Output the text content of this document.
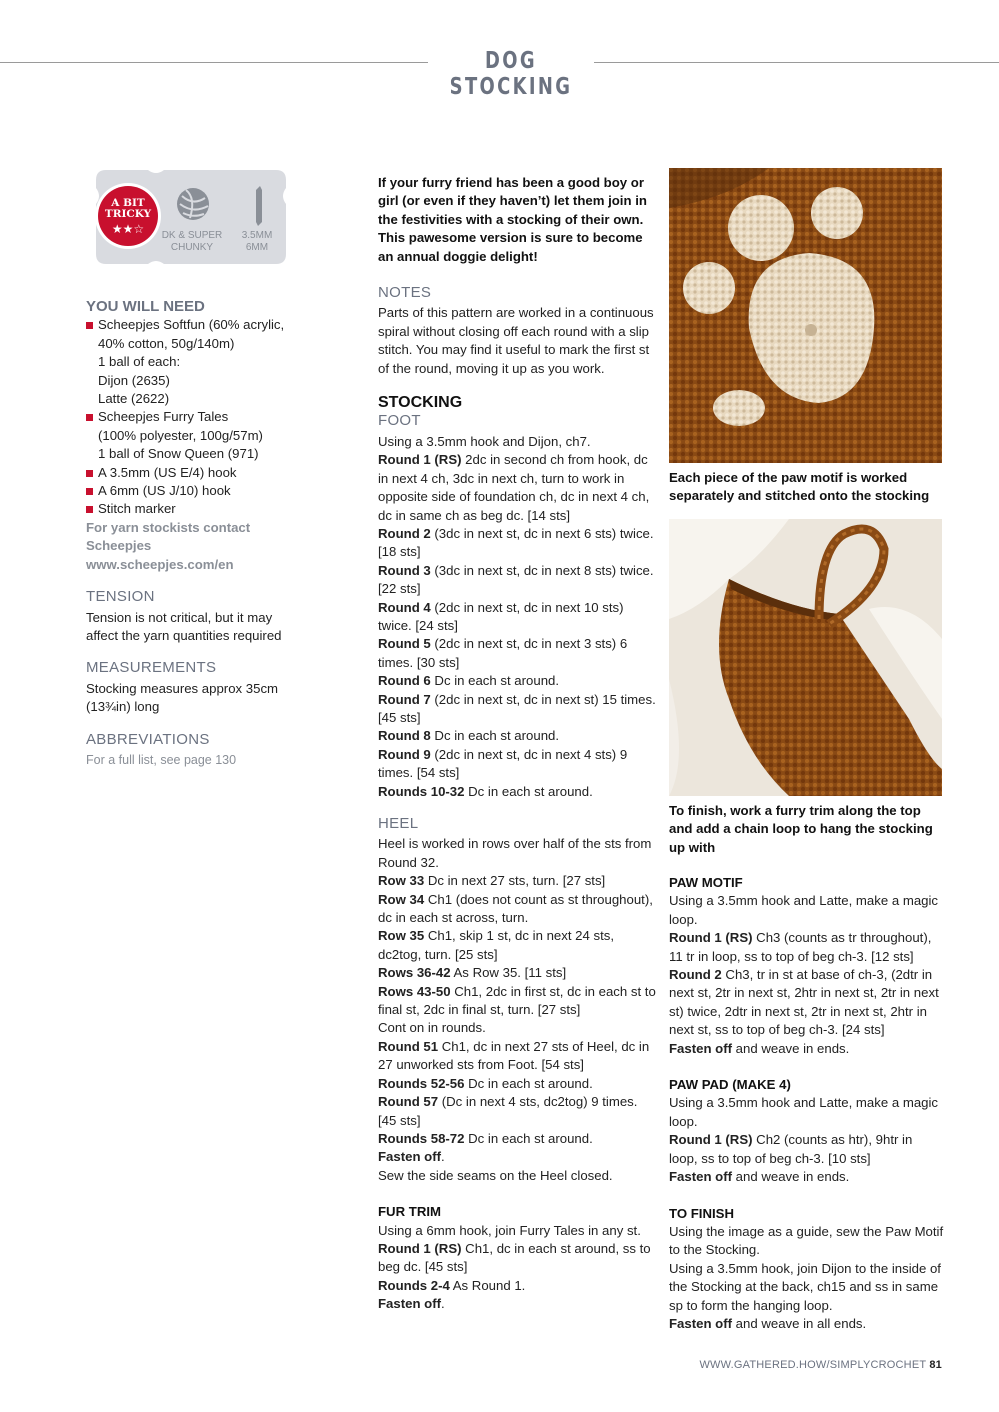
DOG STOCKING
A BIT TRICKY
★★☆	DK & SUPER
CHUNKY
3.5MM
6MM
YOU WILL NEED
Scheepjes Softfun (60% acrylic,
40% cotton, 50g/140m)
1 ball of each:
Dijon (2635)
Latte (2622)
Scheepjes Furry Tales
(100% polyester, 100g/57m)
1 ball of Snow Queen (971)
A 3.5mm (US E/4) hook
A 6mm (US J/10) hook
Stitch marker
For yarn stockists contact
Scheepjes
www.scheepjes.com/en
TENSION
Tension is not critical, but it may affect the yarn quantities required
MEASUREMENTS
Stocking measures approx 35cm (13¾in) long
ABBREVIATIONS
For a full list, see page 130
If your furry friend has been a good boy or girl (or even if they haven’t) let them join in the festivities with a stocking of their own. This pawesome version is sure to become an annual doggie delight!
NOTES
Parts of this pattern are worked in a continuous spiral without closing off each round with a slip stitch. You may find it useful to mark the first st of the round, moving it up as you work.
STOCKING
FOOT
Using a 3.5mm hook and Dijon, ch7.
Round 1 (RS) 2dc in second ch from hook, dc in next 4 ch, 3dc in next ch, turn to work in opposite side of foundation ch, dc in next 4 ch, dc in same ch as beg dc. [14 sts]
Round 2 (3dc in next st, dc in next 6 sts) twice. [18 sts]
Round 3 (3dc in next st, dc in next 8 sts) twice. [22 sts]
Round 4 (2dc in next st, dc in next 10 sts) twice. [24 sts]
Round 5 (2dc in next st, dc in next 3 sts) 6 times. [30 sts]
Round 6 Dc in each st around.
Round 7 (2dc in next st, dc in next st) 15 times. [45 sts]
Round 8 Dc in each st around.
Round 9 (2dc in next st, dc in next 4 sts) 9 times. [54 sts]
Rounds 10-32 Dc in each st around.
HEEL
Heel is worked in rows over half of the sts from Round 32.
Row 33 Dc in next 27 sts, turn. [27 sts]
Row 34 Ch1 (does not count as st throughout), dc in each st across, turn.
Row 35 Ch1, skip 1 st, dc in next 24 sts, dc2tog, turn. [25 sts]
Rows 36-42 As Row 35. [11 sts]
Rows 43-50 Ch1, 2dc in first st, dc in each st to final st, 2dc in final st, turn. [27 sts]
Cont on in rounds.
Round 51 Ch1, dc in next 27 sts of Heel, dc in 27 unworked sts from Foot. [54 sts]
Rounds 52-56 Dc in each st around.
Round 57 (Dc in next 4 sts, dc2tog) 9 times. [45 sts]
Rounds 58-72 Dc in each st around.
Fasten off.
Sew the side seams on the Heel closed.
FUR TRIM
Using a 6mm hook, join Furry Tales in any st.
Round 1 (RS) Ch1, dc in each st around, ss to beg dc. [45 sts]
Rounds 2-4 As Round 1.
Fasten off.
Each piece of the paw motif is worked separately and stitched onto the stocking
To finish, work a furry trim along the top and add a chain loop to hang the stocking up with
PAW MOTIF
Using a 3.5mm hook and Latte, make a magic loop.
Round 1 (RS) Ch3 (counts as tr throughout), 11 tr in loop, ss to top of beg ch-3. [12 sts]
Round 2 Ch3, tr in st at base of ch-3, (2dtr in next st, 2tr in next st, 2htr in next st, 2tr in next st) twice, 2dtr in next st, 2tr in next st, 2htr in next st, ss to top of beg ch-3. [24 sts]
Fasten off and weave in ends.
PAW PAD (MAKE 4)
Using a 3.5mm hook and Latte, make a magic loop.
Round 1 (RS) Ch2 (counts as htr), 9htr in loop, ss to top of beg ch-3. [10 sts]
Fasten off and weave in ends.
TO FINISH
Using the image as a guide, sew the Paw Motif to the Stocking.
Using a 3.5mm hook, join Dijon to the inside of the Stocking at the back, ch15 and ss in same sp to form the hanging loop.
Fasten off and weave in all ends.
WWW.GATHERED.HOW/SIMPLYCROCHET 81
